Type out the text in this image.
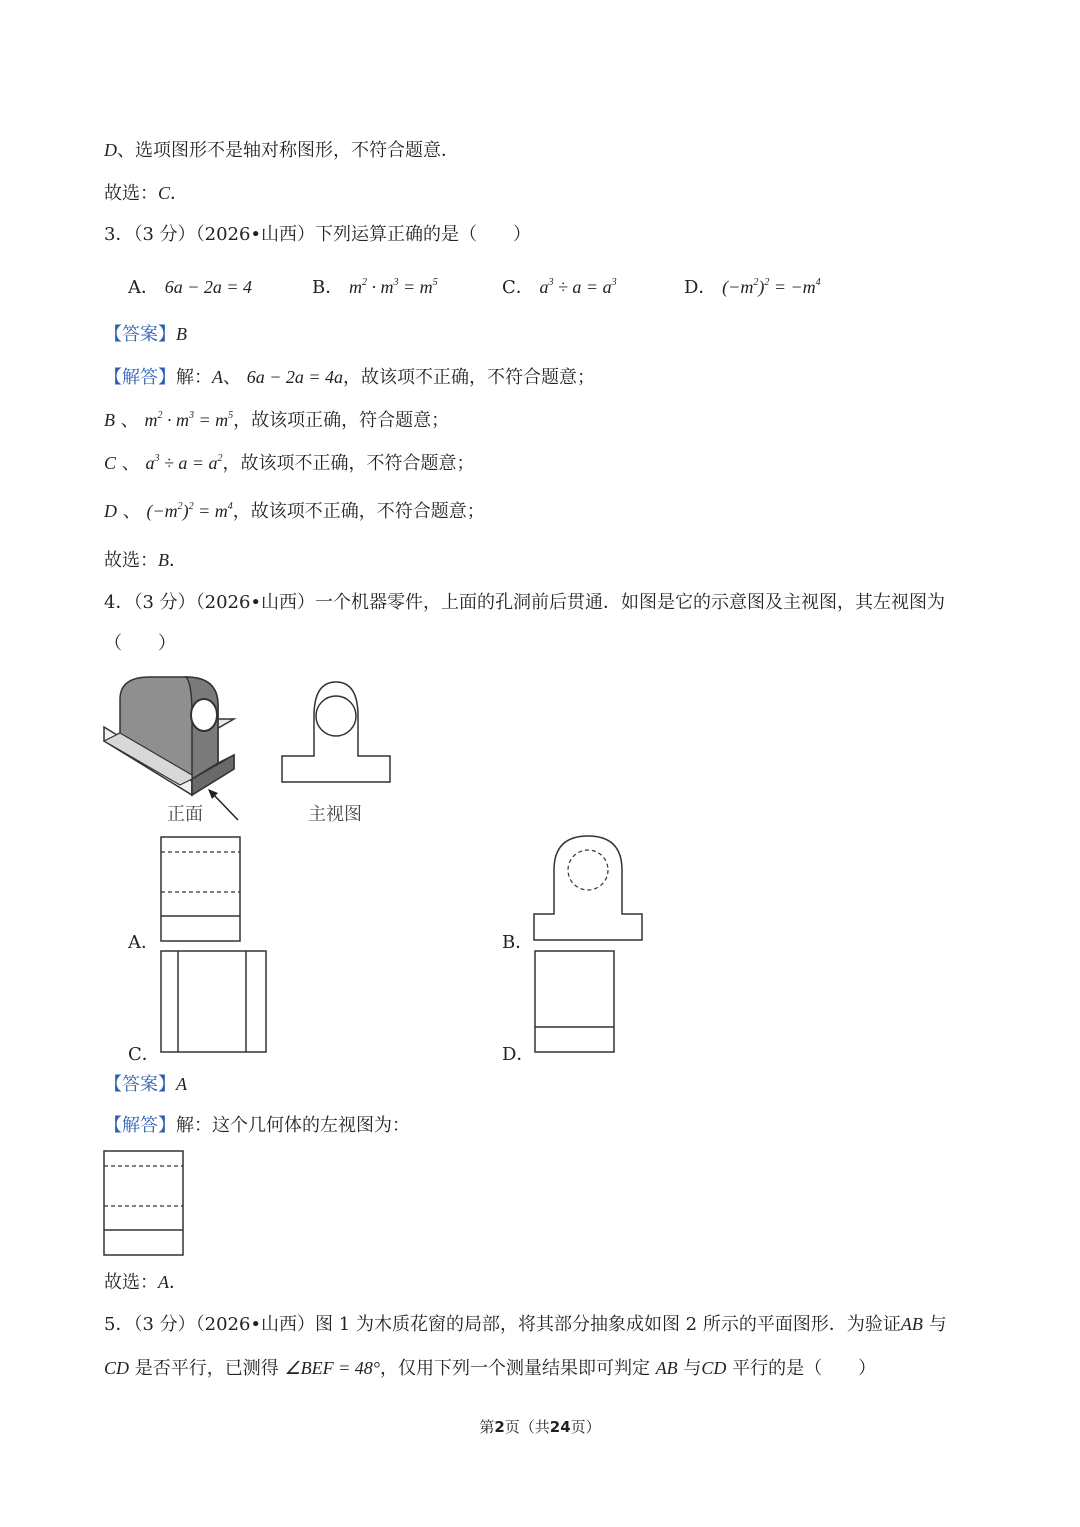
D、选项图形不是轴对称图形，不符合题意．
故选：C．
3．（3 分）（2026•山西）下列运算正确的是（　　）
A． 6a − 2a = 4	B． $m^2 \cdot m^3 = m^5$	C． $a^3 \div a = a^3$	D． $(-m^2)^2 = -m^4$
【答案】B
【解答】解：A、 6a − 2a = 4a，故该项不正确，不符合题意；
B 、 $m^2 \cdot m^3 = m^5$，故该项正确，符合题意；
C 、 $a^3 \div a = a^2$，故该项不正确，不符合题意；
D 、 $(-m^2)^2 = m^4$，故该项不正确，不符合题意；
故选：B．
4．（3 分）（2026•山西）一个机器零件，上面的孔洞前后贯通．如图是它的示意图及主视图，其左视图为
（　　）
正面	主视图
A．	B．
C．	D．
【答案】A
【解答】解：这个几何体的左视图为：
故选：A．
5．（3 分）（2026•山西）图 1 为木质花窗的局部，将其部分抽象成如图 2 所示的平面图形．为验证AB 与
CD 是否平行，已测得 ∠BEF = 48°，仅用下列一个测量结果即可判定 AB 与CD 平行的是（　　）
第2页（共24页）
